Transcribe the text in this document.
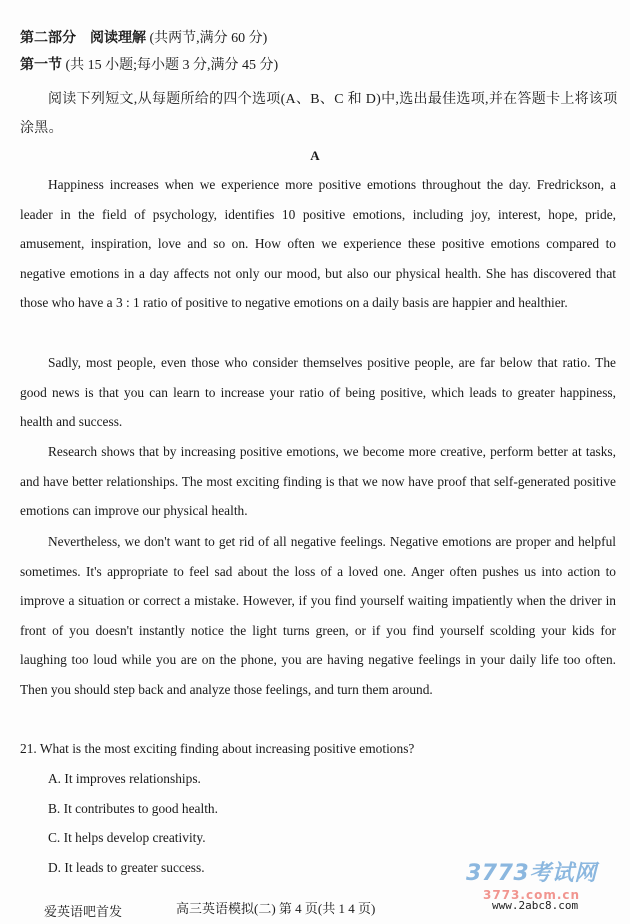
第二部分 阅读理解 (共两节,满分 60 分)
第一节 (共 15 小题;每小题 3 分,满分 45 分)
阅读下列短文,从每题所给的四个选项(A、B、C 和 D)中,选出最佳选项,并在答题卡上将该项涂黑。
A

Happiness increases when we experience more positive emotions throughout the day. Fredrickson, a leader in the field of psychology, identifies 10 positive emotions, including joy, interest, hope, pride, amusement, inspiration, love and so on. How often we experience these positive emotions compared to negative emotions in a day affects not only our mood, but also our physical health. She has discovered that those who have a 3 : 1 ratio of positive to negative emotions on a daily basis are happier and healthier.

Sadly, most people, even those who consider themselves positive people, are far below that ratio. The good news is that you can learn to increase your ratio of being positive, which leads to greater happiness, health and success.

Research shows that by increasing positive emotions, we become more creative, perform better at tasks, and have better relationships. The most exciting finding is that we now have proof that self-generated positive emotions can improve our physical health.

Nevertheless, we don't want to get rid of all negative feelings. Negative emotions are proper and helpful sometimes. It's appropriate to feel sad about the loss of a loved one. Anger often pushes us into action to improve a situation or correct a mistake. However, if you find yourself waiting impatiently when the driver in front of you doesn't instantly notice the light turns green, or if you find yourself scolding your kids for laughing too loud while you are on the phone, you are having negative feelings in your daily life too often. Then you should step back and analyze those feelings, and turn them around.

21. What is the most exciting finding about increasing positive emotions?
A. It improves relationships.
B. It contributes to good health.
C. It helps develop creativity.
D. It leads to greater success.	3773考试网
3773.com.cn
www.2abc8.com
爱英语吧首发	高三英语模拟(二) 第 4 页(共 1 4 页)
